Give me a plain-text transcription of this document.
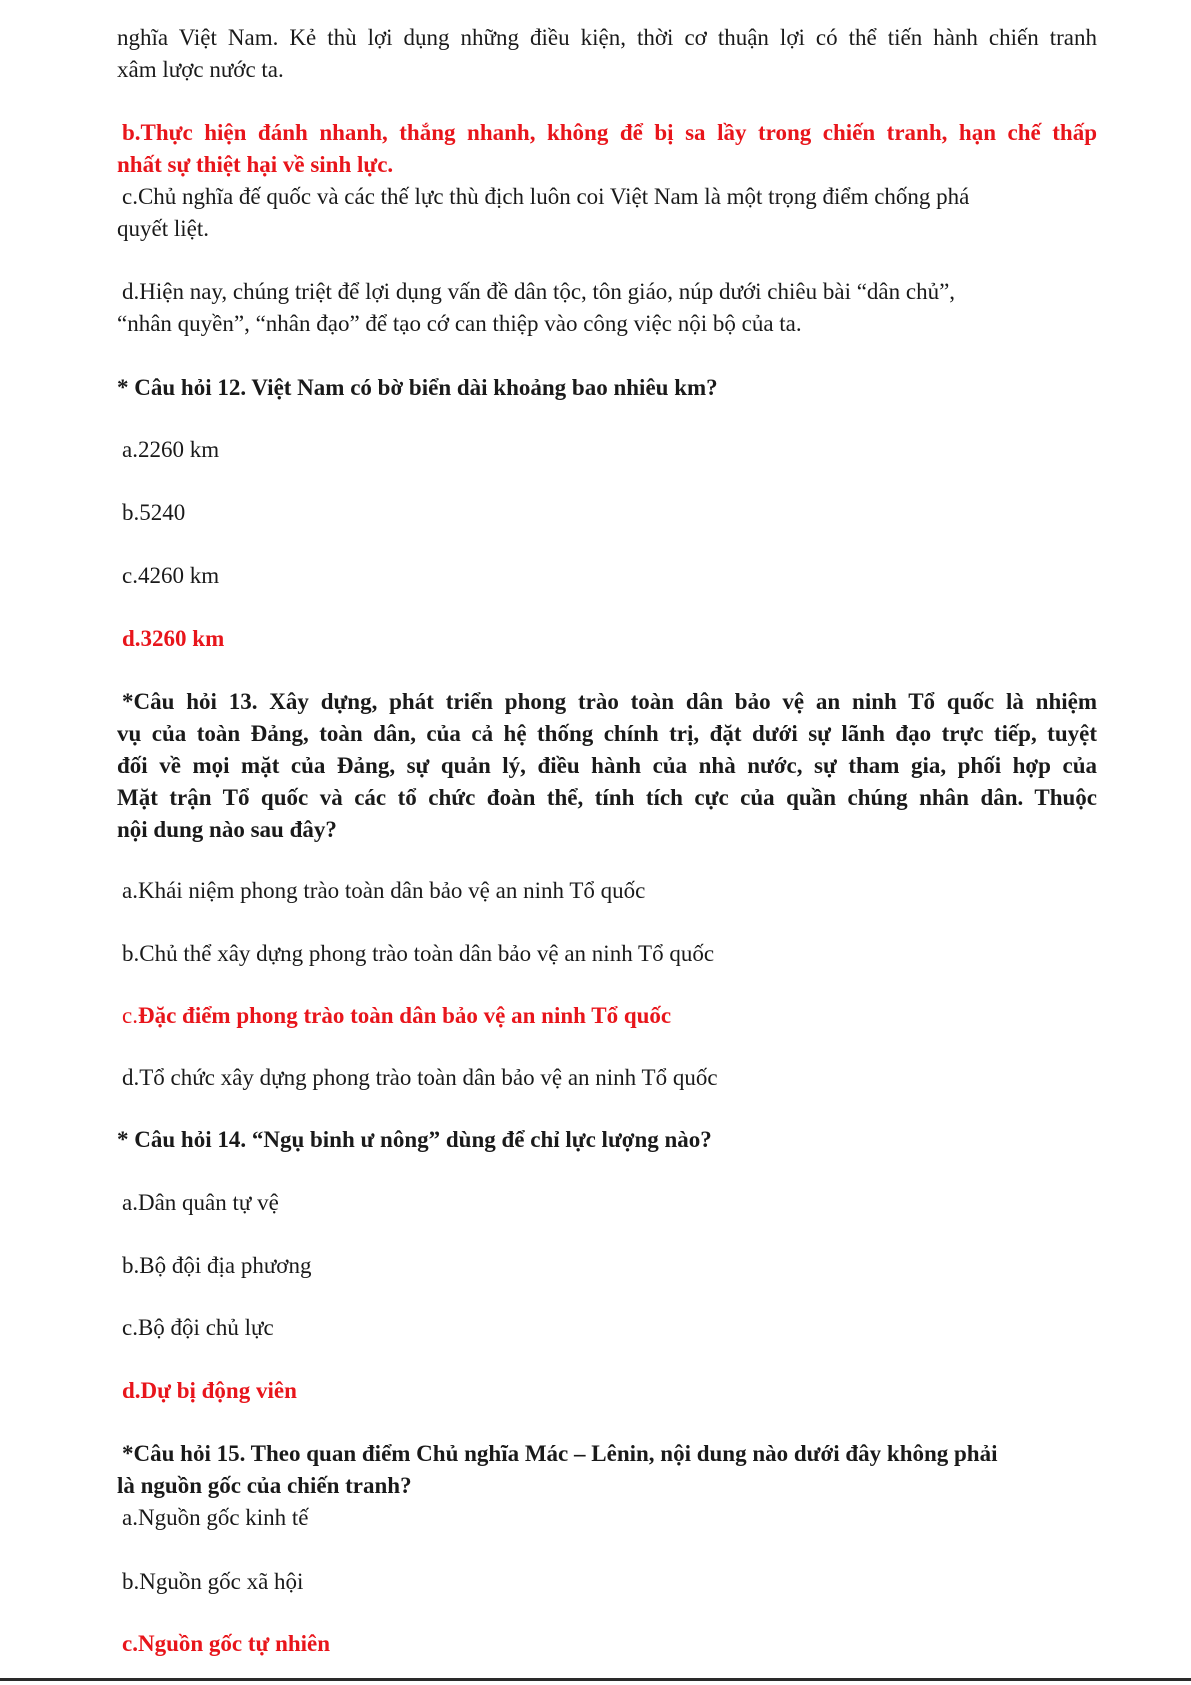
nghĩa Việt Nam. Kẻ thù lợi dụng những điều kiện, thời cơ thuận lợi có thể tiến hành chiến tranh
xâm lược nước ta.
b.Thực hiện đánh nhanh, thắng nhanh, không để bị sa lầy trong chiến tranh, hạn chế thấp
nhất sự thiệt hại về sinh lực.
c.Chủ nghĩa đế quốc và các thế lực thù địch luôn coi Việt Nam là một trọng điểm chống phá
quyết liệt.
d.Hiện nay, chúng triệt để lợi dụng vấn đề dân tộc, tôn giáo, núp dưới chiêu bài “dân chủ”,
“nhân quyền”, “nhân đạo” để tạo cớ can thiệp vào công việc nội bộ của ta.
* Câu hỏi 12. Việt Nam có bờ biển dài khoảng bao nhiêu km?
a.2260 km
b.5240
c.4260 km
d.3260 km
*Câu hỏi 13. Xây dựng, phát triển phong trào toàn dân bảo vệ an ninh Tổ quốc là nhiệm
vụ của toàn Đảng, toàn dân, của cả hệ thống chính trị, đặt dưới sự lãnh đạo trực tiếp, tuyệt
đối về mọi mặt của Đảng, sự quản lý, điều hành của nhà nước, sự tham gia, phối hợp của
Mặt trận Tổ quốc và các tổ chức đoàn thể, tính tích cực của quần chúng nhân dân. Thuộc
nội dung nào sau đây?
a.Khái niệm phong trào toàn dân bảo vệ an ninh Tổ quốc
b.Chủ thể xây dựng phong trào toàn dân bảo vệ an ninh Tổ quốc
c.Đặc điểm phong trào toàn dân bảo vệ an ninh Tổ quốc
d.Tổ chức xây dựng phong trào toàn dân bảo vệ an ninh Tổ quốc
* Câu hỏi 14. “Ngụ binh ư nông” dùng để chỉ lực lượng nào?
a.Dân quân tự vệ
b.Bộ đội địa phương
c.Bộ đội chủ lực
d.Dự bị động viên
*Câu hỏi 15. Theo quan điểm Chủ nghĩa Mác – Lênin, nội dung nào dưới đây không phải
là nguồn gốc của chiến tranh?
a.Nguồn gốc kinh tế
b.Nguồn gốc xã hội
c.Nguồn gốc tự nhiên
